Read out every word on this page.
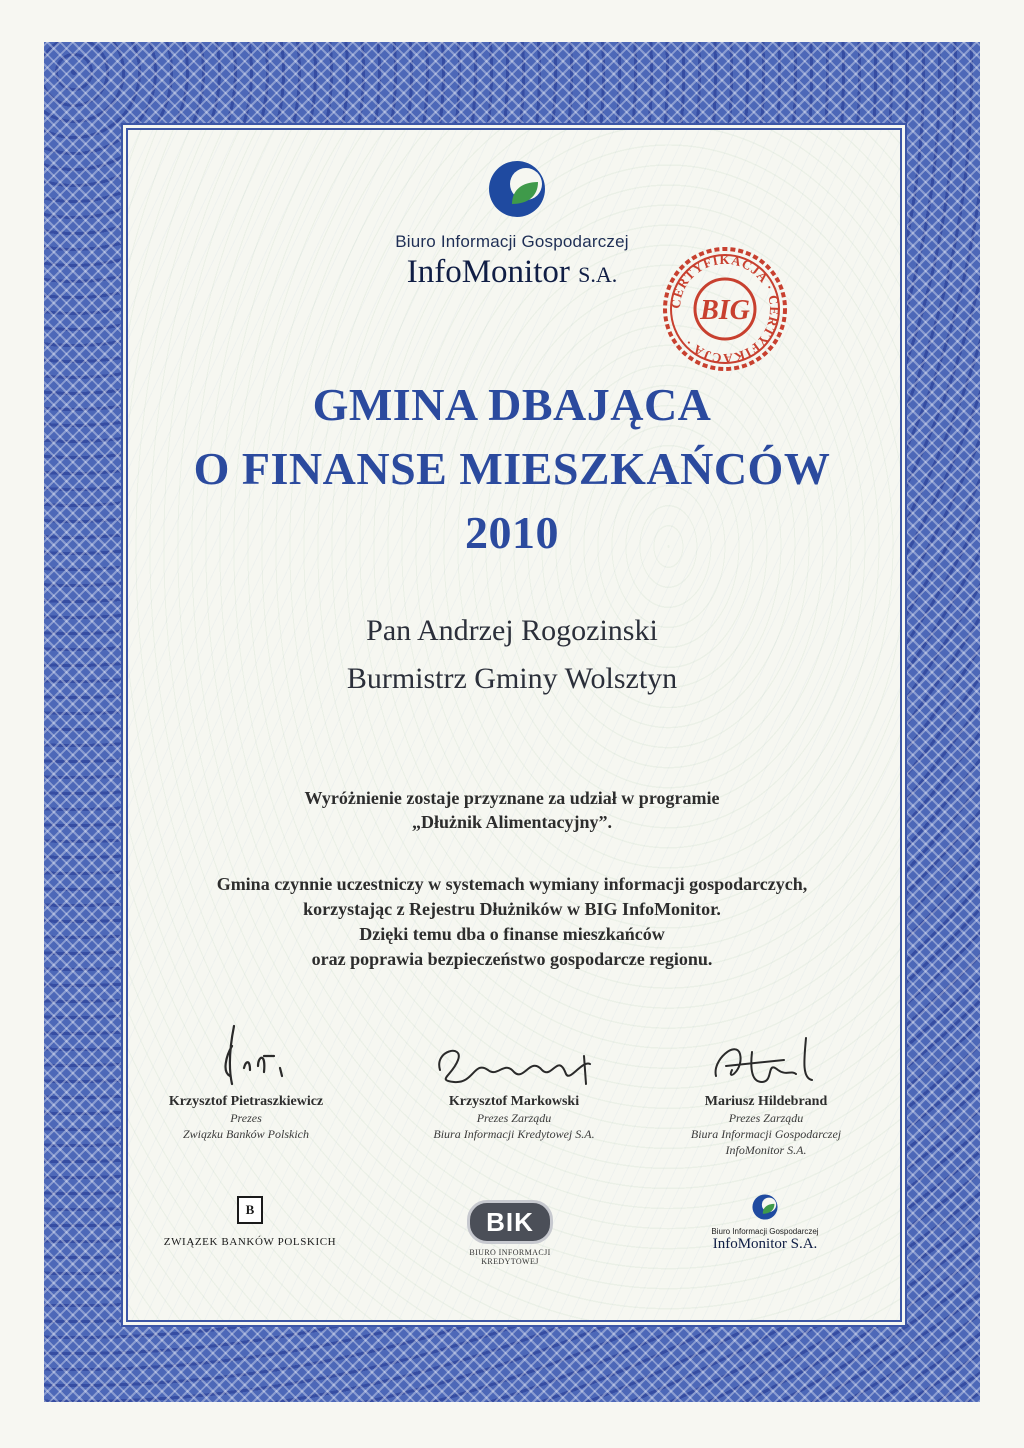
Biuro Informacji Gospodarczej
InfoMonitor S.A.
CERTYFIKACJA · CERTYFIKACJA ·
BIG
GMINA DBAJĄCA
O FINANSE MIESZKAŃCÓW
2010
Pan Andrzej Rogozinski
Burmistrz Gminy Wolsztyn
Wyróżnienie zostaje przyznane za udział w programie
„Dłużnik Alimentacyjny”.
Gmina czynnie uczestniczy w systemach wymiany informacji gospodarczych,
korzystając z Rejestru Dłużników w BIG InfoMonitor.
Dzięki temu dba o finanse mieszkańców
oraz poprawia bezpieczeństwo gospodarcze regionu.
Krzysztof Pietraszkiewicz
Prezes
Związku Banków Polskich
Krzysztof Markowski
Prezes Zarządu
Biura Informacji Kredytowej S.A.
Mariusz Hildebrand
Prezes Zarządu
Biura Informacji Gospodarczej
InfoMonitor S.A.
B
ZWIĄZEK BANKÓW POLSKICH
BIK
BIURO INFORMACJI KREDYTOWEJ
Biuro Informacji Gospodarczej
InfoMonitor S.A.
